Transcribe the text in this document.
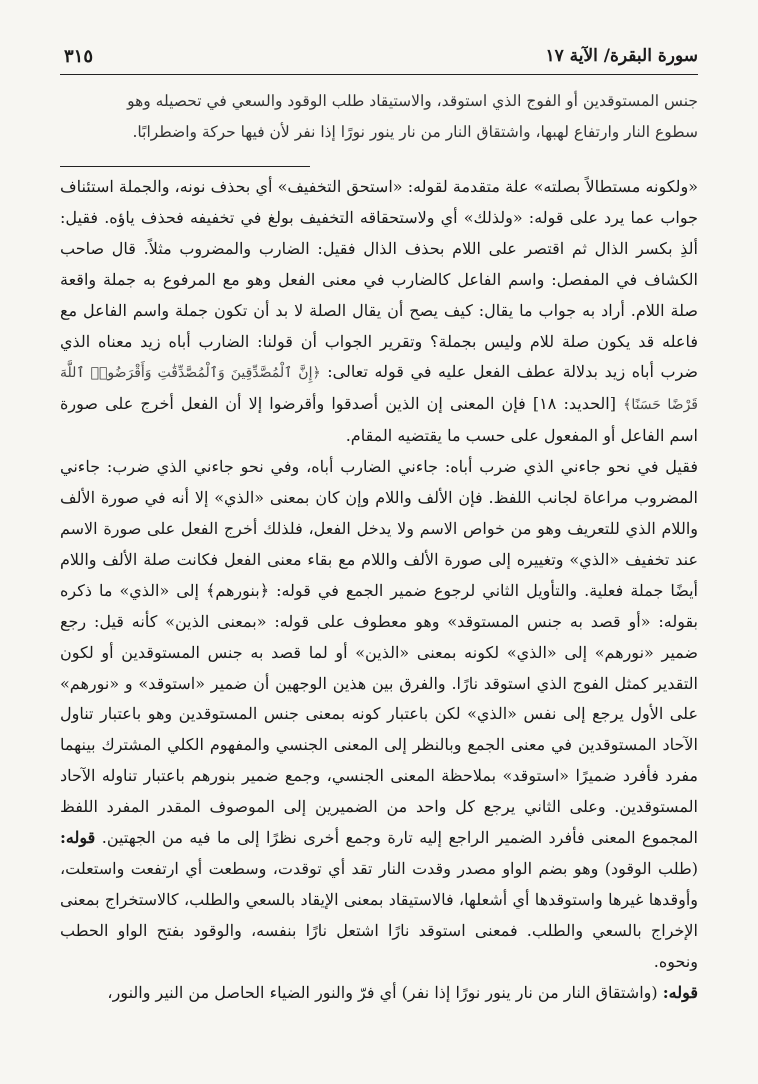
سورة البقرة/ الآية ١٧
٣١٥

جنس المستوقدين أو الفوج الذي استوقد، والاستيقاد طلب الوقود والسعي في تحصيله وهو

سطوع النار وارتفاع لهبها، واشتقاق النار من نار ينور نورًا إذا نفر لأن فيها حركة واضطرابًا.

«ولكونه مستطالاً بصلته» علة متقدمة لقوله: «استحق التخفيف» أي بحذف نونه، والجملة استئناف جواب عما يرد على قوله: «ولذلك» أي ولاستحقاقه التخفيف بولغ في تخفيفه فحذف ياؤه. فقيل: ألذِ بكسر الذال ثم اقتصر على اللام بحذف الذال فقيل: الضارب والمضروب مثلاً. قال صاحب الكشاف في المفصل: واسم الفاعل كالضارب في معنى الفعل وهو مع المرفوع به جملة واقعة صلة اللام. أراد به جواب ما يقال: كيف يصح أن يقال الصلة لا بد أن تكون جملة واسم الفاعل مع فاعله قد يكون صلة للام وليس بجملة؟ وتقرير الجواب أن قولنا: الضارب أباه زيد معناه الذي ضرب أباه زيد بدلالة عطف الفعل عليه في قوله تعالى: ﴿إِنَّ ٱلْمُصَّدِّقِينَ وَٱلْمُصَّدِّقَٰتِ وَأَقْرَضُوا۟ ٱللَّهَ قَرْضًا حَسَنًا﴾ [الحديد: ١٨] فإن المعنى إن الذين أصدقوا وأقرضوا إلا أن الفعل أخرج على صورة اسم الفاعل أو المفعول على حسب ما يقتضيه المقام.

فقيل في نحو جاءني الذي ضرب أباه: جاءني الضارب أباه، وفي نحو جاءني الذي ضرب: جاءني المضروب مراعاة لجانب اللفظ. فإن الألف واللام وإن كان بمعنى «الذي» إلا أنه في صورة الألف واللام الذي للتعريف وهو من خواص الاسم ولا يدخل الفعل، فلذلك أخرج الفعل على صورة الاسم عند تخفيف «الذي» وتغييره إلى صورة الألف واللام مع بقاء معنى الفعل فكانت صلة الألف واللام أيضًا جملة فعلية. والتأويل الثاني لرجوع ضمير الجمع في قوله: ﴿بنورهم﴾ إلى «الذي» ما ذكره بقوله: «أو قصد به جنس المستوقد» وهو معطوف على قوله: «بمعنى الذين» كأنه قيل: رجع ضمير «نورهم» إلى «الذي» لكونه بمعنى «الذين» أو لما قصد به جنس المستوقدين أو لكون التقدير كمثل الفوج الذي استوقد نارًا. والفرق بين هذين الوجهين أن ضمير «استوقد» و «نورهم» على الأول يرجع إلى نفس «الذي» لكن باعتبار كونه بمعنى جنس المستوقدين وهو باعتبار تناول الآحاد المستوقدين في معنى الجمع وبالنظر إلى المعنى الجنسي والمفهوم الكلي المشترك بينهما مفرد فأفرد ضميرًا «استوقد» بملاحظة المعنى الجنسي، وجمع ضمير بنورهم باعتبار تناوله الآحاد المستوقدين. وعلى الثاني يرجع كل واحد من الضميرين إلى الموصوف المقدر المفرد اللفظ المجموع المعنى فأفرد الضمير الراجع إليه تارة وجمع أخرى نظرًا إلى ما فيه من الجهتين. قوله: (طلب الوقود) وهو بضم الواو مصدر وقدت النار تقد أي توقدت، وسطعت أي ارتفعت واستعلت، وأوقدها غيرها واستوقدها أي أشعلها، فالاستيقاد بمعنى الإيقاد بالسعي والطلب، كالاستخراج بمعنى الإخراج بالسعي والطلب. فمعنى استوقد نارًا اشتعل نارًا بنفسه، والوقود بفتح الواو الحطب ونحوه.

قوله: (واشتقاق النار من نار ينور نورًا إذا نفر) أي فرّ والنور الضياء الحاصل من النير والنور،
